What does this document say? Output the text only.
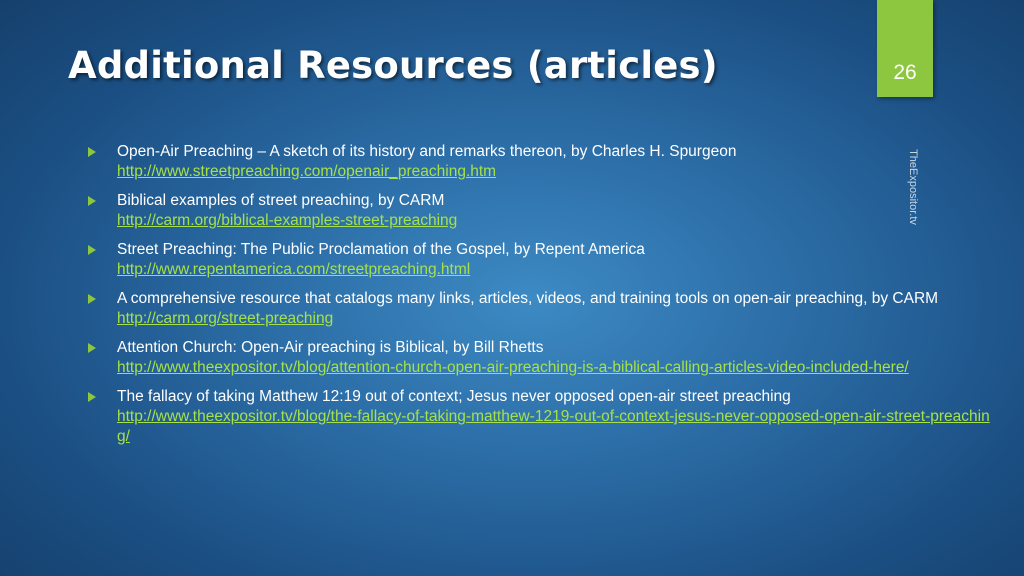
Additional Resources (articles)	26
TheExpositor.tv
Open-Air Preaching – A sketch of its history and remarks thereon, by Charles H. Spurgeon
http://www.streetpreaching.com/openair_preaching.htm
Biblical examples of street preaching, by CARM
http://carm.org/biblical-examples-street-preaching
Street Preaching: The Public Proclamation of the Gospel, by Repent America
http://www.repentamerica.com/streetpreaching.html
A comprehensive resource that catalogs many links, articles, videos, and training tools on open-air preaching, by CARM
http://carm.org/street-preaching
Attention Church: Open-Air preaching is Biblical, by Bill Rhetts
http://www.theexpositor.tv/blog/attention-church-open-air-preaching-is-a-biblical-calling-articles-video-included-here/
The fallacy of taking Matthew 12:19 out of context; Jesus never opposed open-air street preaching
http://www.theexpositor.tv/blog/the-fallacy-of-taking-matthew-1219-out-of-context-jesus-never-opposed-open-air-street-preaching/
